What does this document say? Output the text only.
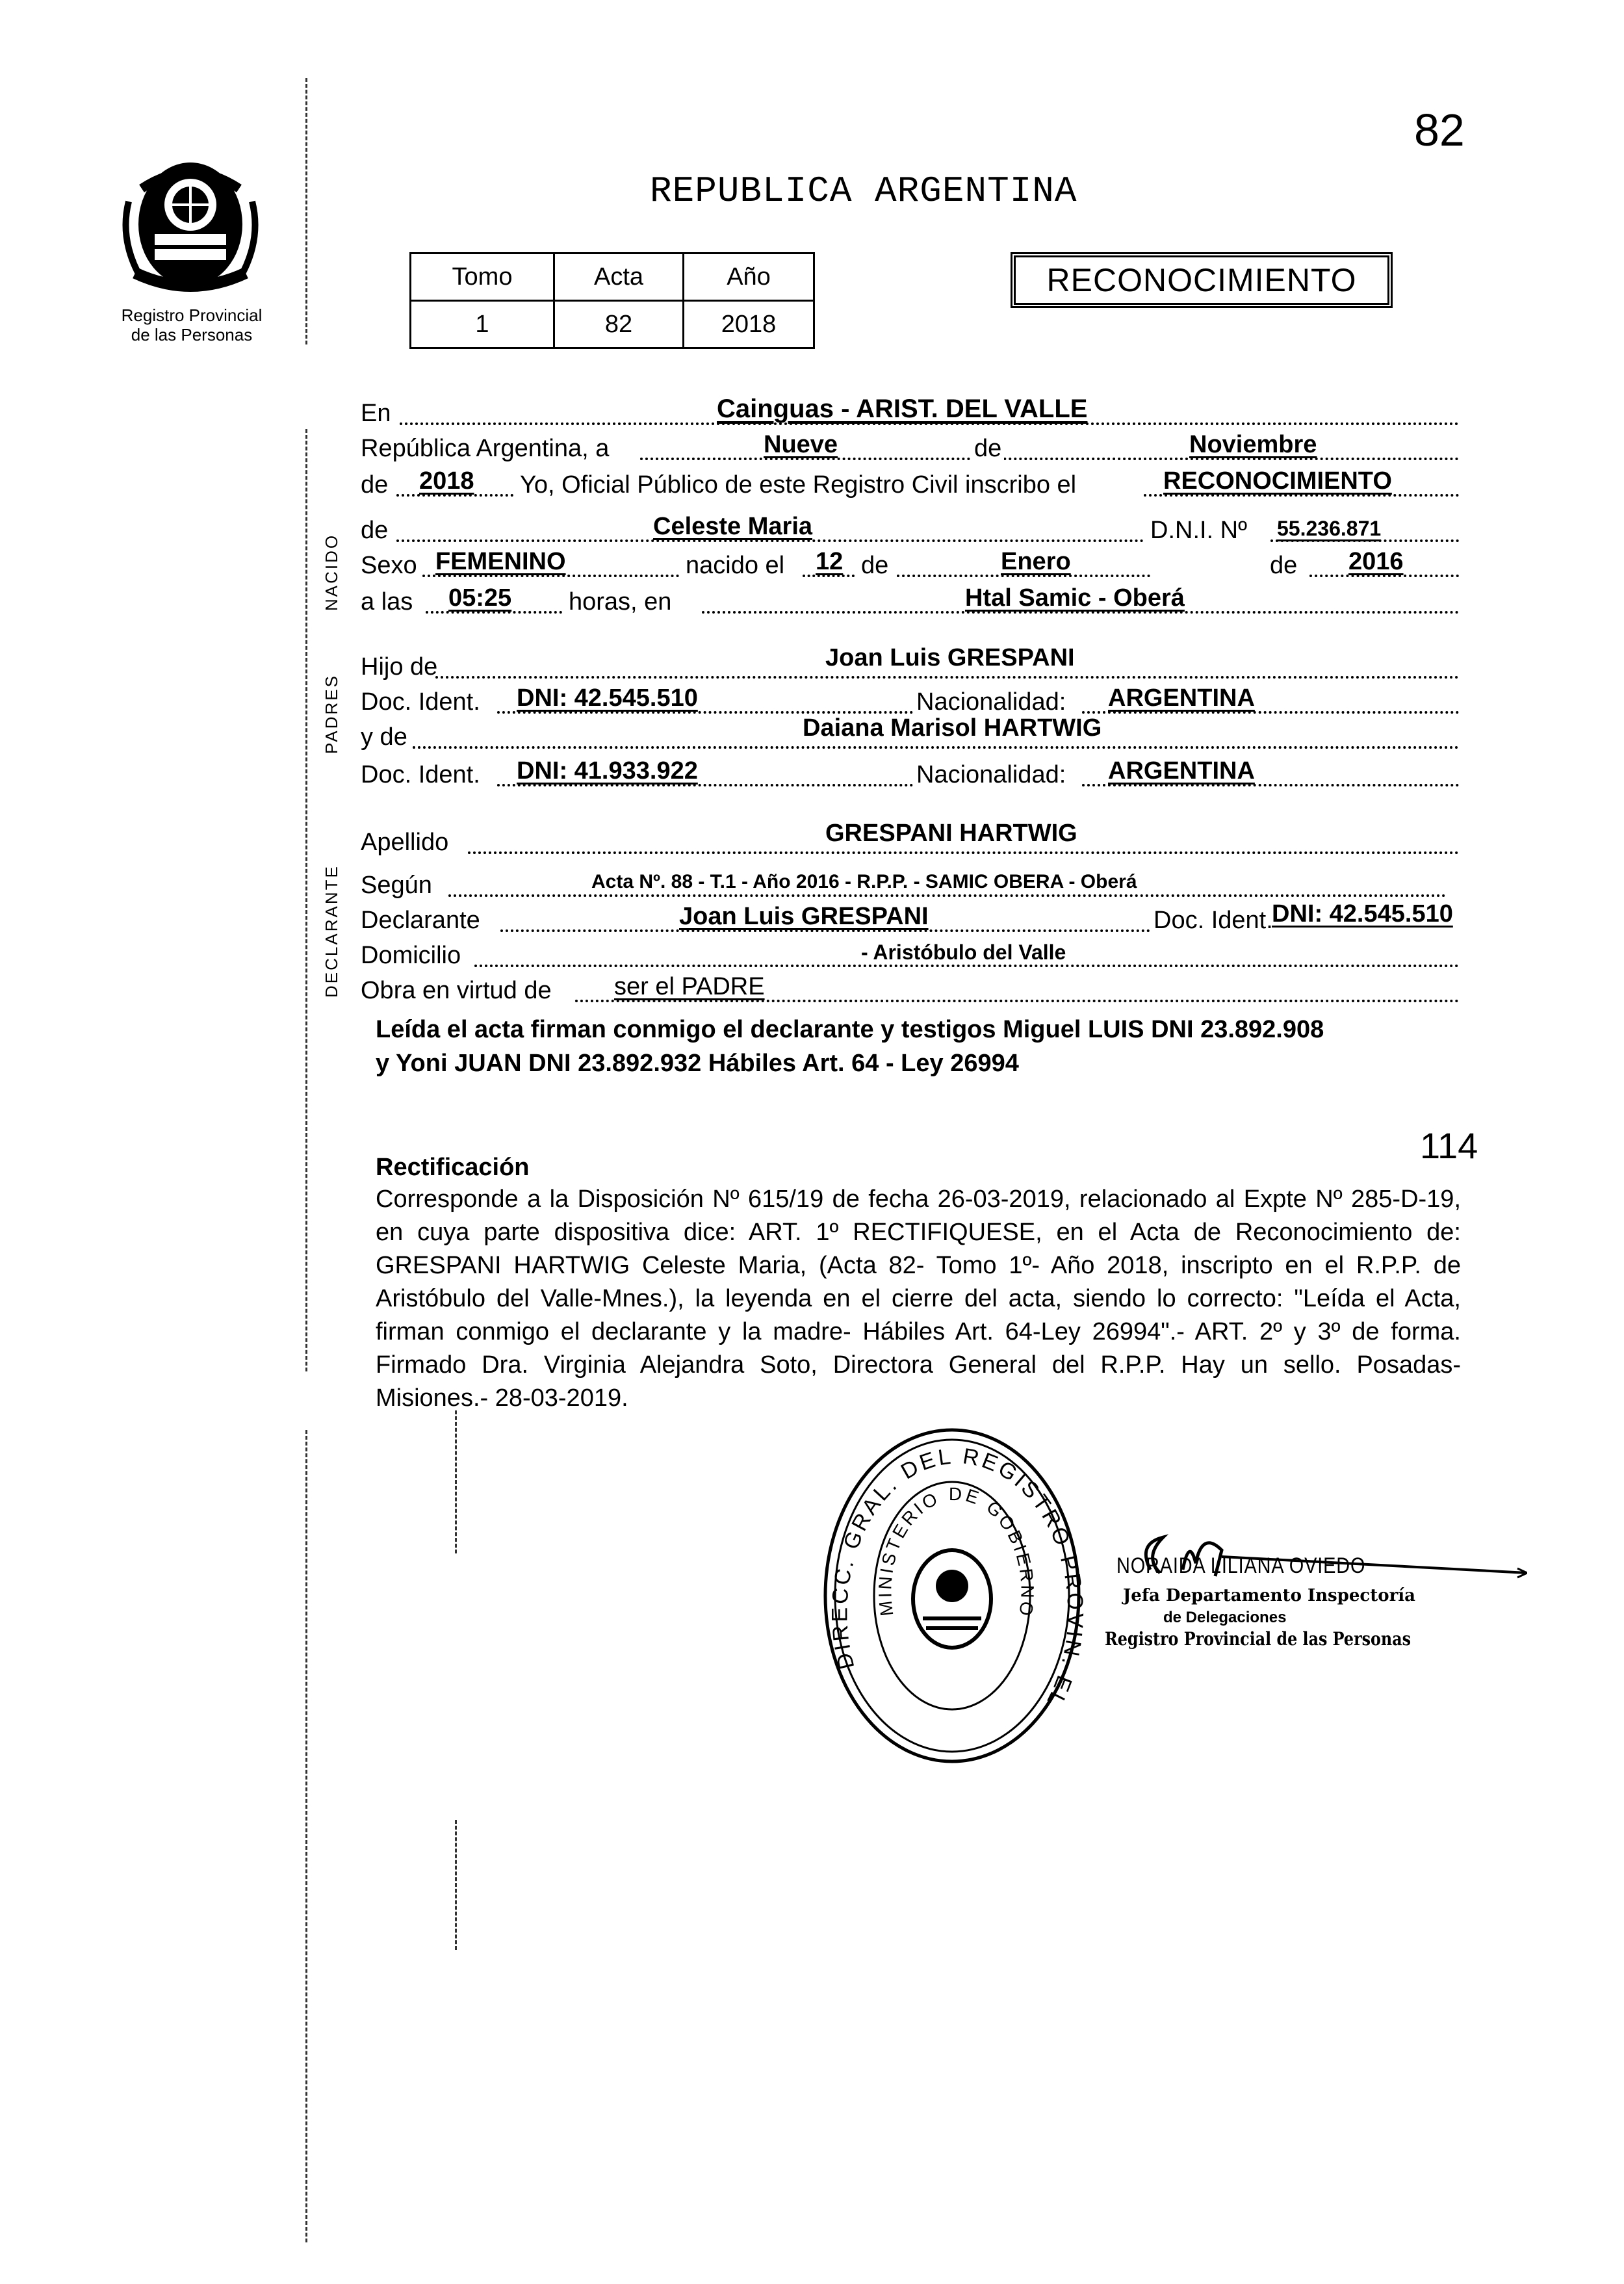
82
REPUBLICA ARGENTINA
Registro Provincial
de las Personas
Tomo	Acta	Año
1	82	2018
RECONOCIMIENTO
NACIDO
PADRES
DECLARANTE
En	Cainguas - ARIST. DEL VALLE
República Argentina, a	Nueve	de	Noviembre
de 2018 Yo, Oficial Público de este Registro Civil inscribo el	RECONOCIMIENTO
de	Celeste Maria	D.N.I. Nº 55.236.871
Sexo FEMENINO	nacido el 12 de	Enero	de 2016
a las 05:25 horas, en	Htal Samic - Oberá
Hijo de	Joan Luis GRESPANI
Doc. Ident. DNI: 42.545.510	Nacionalidad: ARGENTINA
y de	Daiana Marisol HARTWIG
Doc. Ident. DNI: 41.933.922	Nacionalidad: ARGENTINA
Apellido	GRESPANI HARTWIG
Según	Acta Nº. 88 - T.1 - Año 2016 - R.P.P. - SAMIC OBERA - Oberá
Declarante	Joan Luis GRESPANI	Doc. Ident.
DNI: 42.545.510
Domicilio	- Aristóbulo del Valle
Obra en virtud de	ser el PADRE
Leída el acta firman conmigo el declarante y testigos Miguel LUIS DNI 23.892.908
y Yoni JUAN DNI 23.892.932 Hábiles Art. 64 - Ley 26994
114
Rectificación
Corresponde a la Disposición Nº 615/19 de fecha 26-03-2019, relacionado al Expte Nº 285-D-19, en cuya parte dispositiva dice: ART. 1º RECTIFIQUESE, en el Acta de Reconocimiento de: GRESPANI HARTWIG Celeste Maria, (Acta 82- Tomo 1º- Año 2018, inscripto en el R.P.P. de Aristóbulo del Valle-Mnes.), la leyenda en el cierre del acta, siendo lo correcto: "Leída el Acta, firman conmigo el declarante y la madre- Hábiles Art. 64-Ley 26994".- ART. 2º y 3º de forma. Firmado Dra. Virginia Alejandra Soto, Directora General del R.P.P. Hay un sello. Posadas- Misiones.- 28-03-2019.
DIRECC. GRAL. DEL REGISTRO PROVIN. EL
MINISTERIO DE GOBIERNO
NORAIDA LILIANA OVIEDO
Jefa Departamento Inspectoría
de Delegaciones
Registro Provincial de las Personas
